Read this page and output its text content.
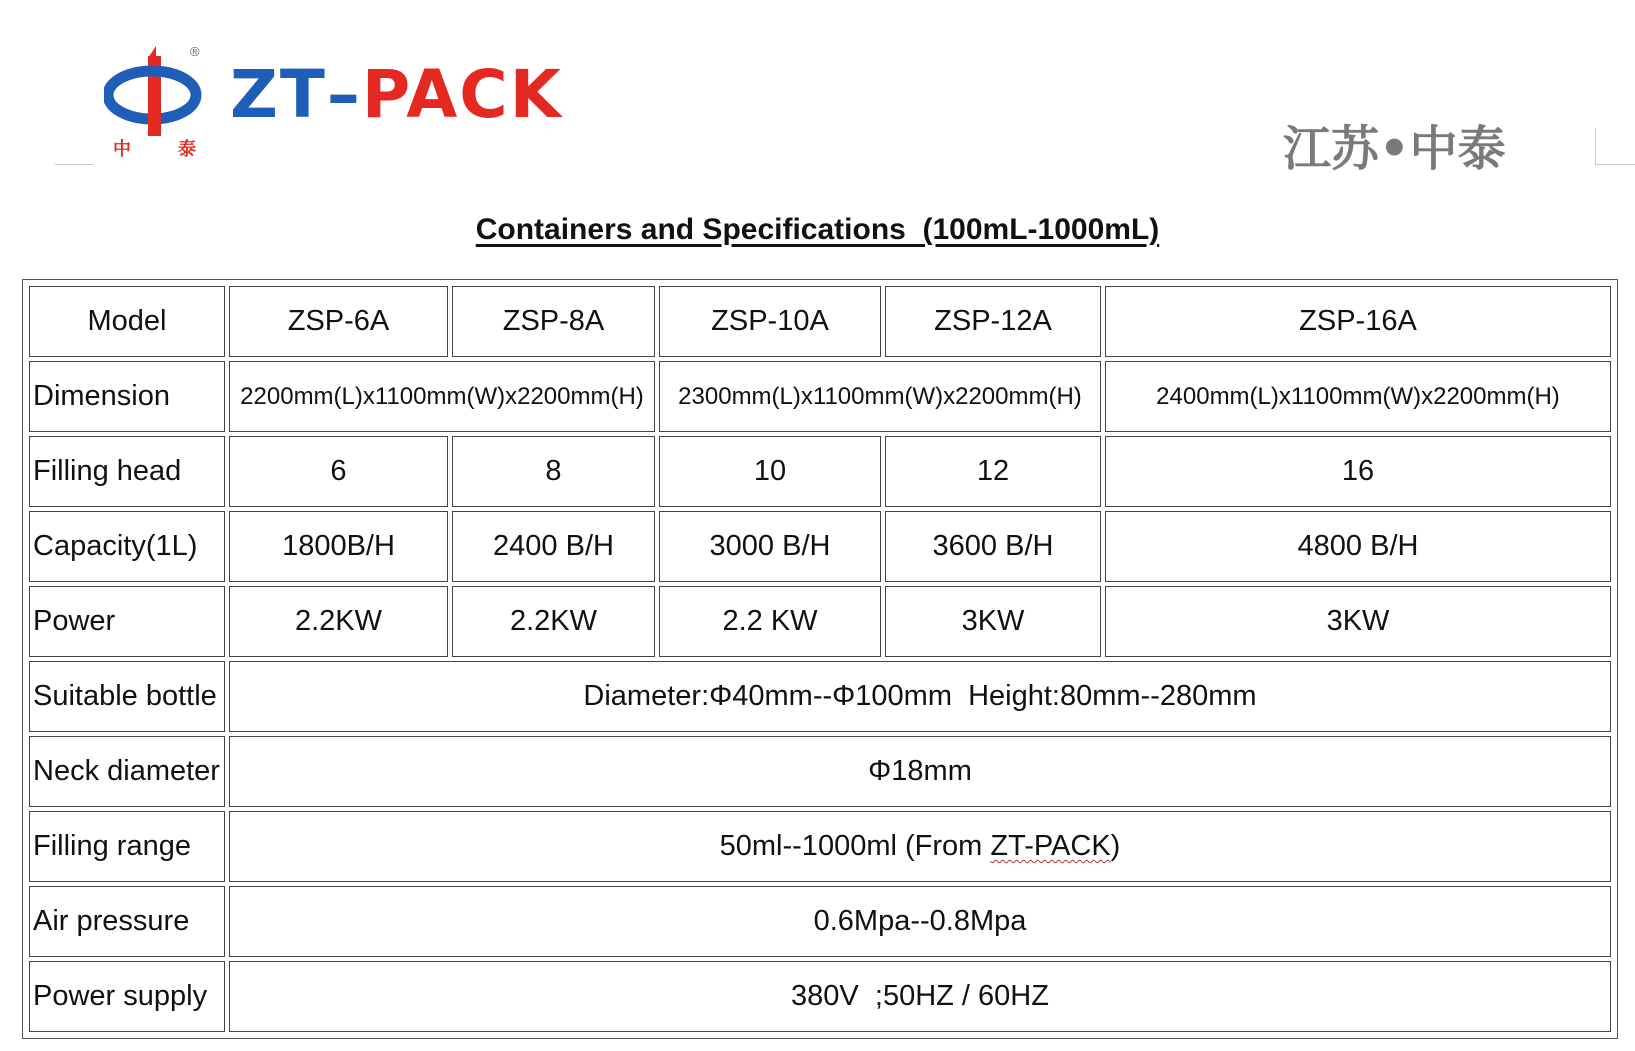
中	泰
®
ZT–PACK
江苏•中泰
Containers and Specifications  (100mL-1000mL)
Model	ZSP-6A	ZSP-8A	ZSP-10A	ZSP-12A	ZSP-16A
Dimension	2200mm(L)x1100mm(W)x2200mm(H)		2300mm(L)x1100mm(W)x2200mm(H)		2400mm(L)x1100mm(W)x2200mm(H)
Filling head	6	8	10	12	16
Capacity(1L)	1800B/H	2400 B/H	3000 B/H	3600 B/H	4800 B/H
Power	2.2KW	2.2KW	2.2 KW	3KW	3KW
Suitable bottle	Diameter:Φ40mm--Φ100mm  Height:80mm--280mm				
Neck diameter	Φ18mm				
Filling range	50ml--1000ml (From ZT-PACK)				
Air pressure	0.6Mpa--0.8Mpa				
Power supply	380V  ;50HZ / 60HZ				
